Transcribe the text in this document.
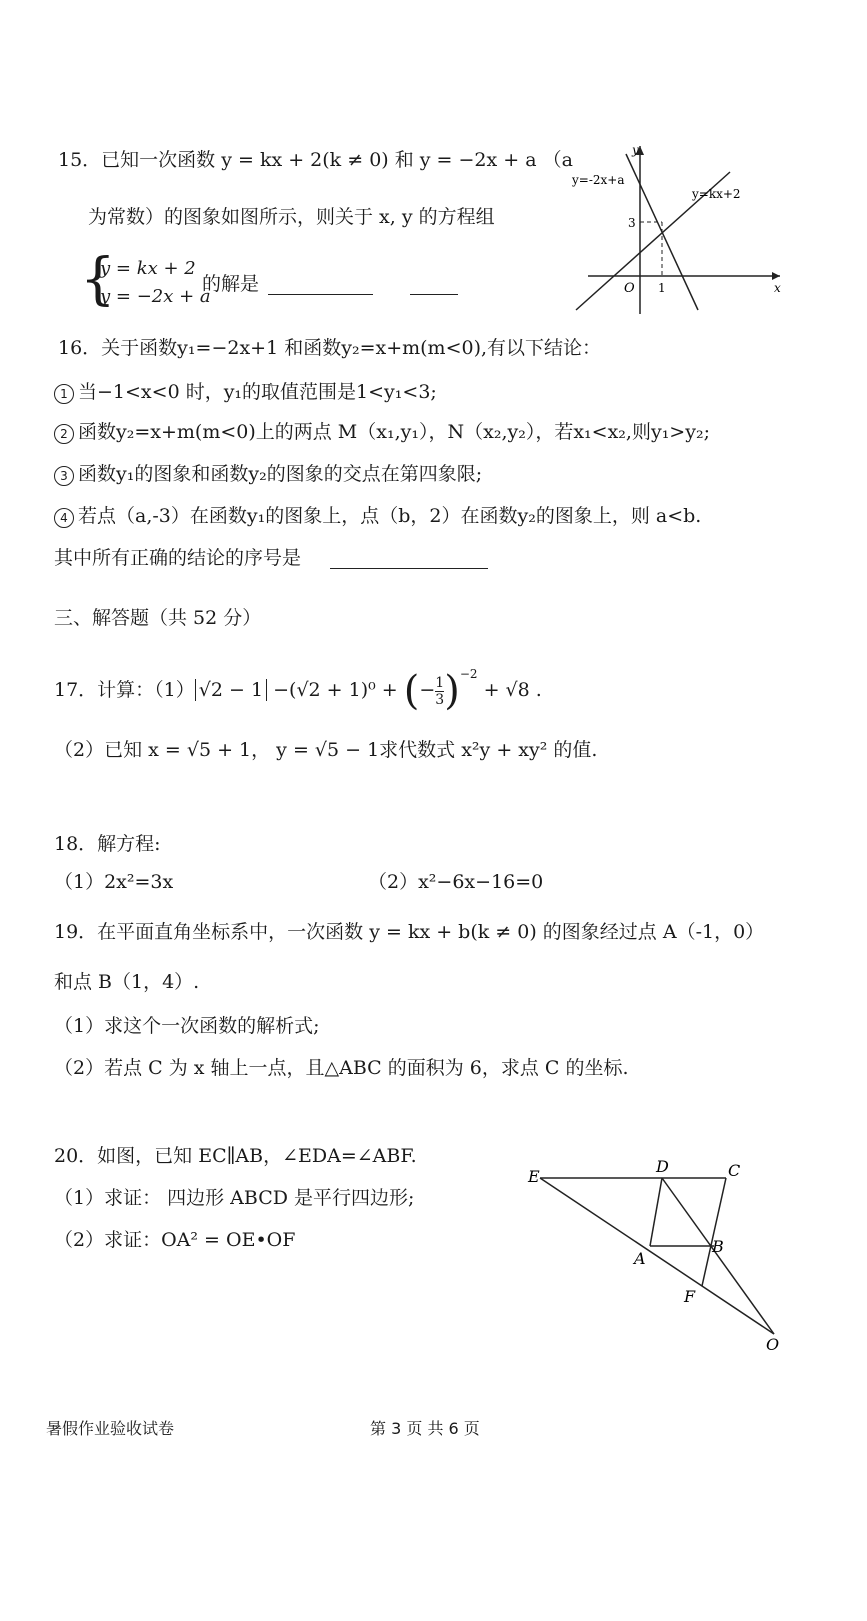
15．已知一次函数 y = kx + 2(k ≠ 0) 和 y = −2x + a （a
为常数）的图象如图所示，则关于 x, y 的方程组
{
y = kx + 2
y = −2x + a
的解是
y=-2x+a
y=kx+2
y
x
O
3
1
16．关于函数y₁=−2x+1 和函数y₂=x+m(m<0),有以下结论：
1 当−1<x<0 时，y₁的取值范围是1<y₁<3;
2 函数y₂=x+m(m<0)上的两点 M（x₁,y₁），N（x₂,y₂），若x₁<x₂,则y₁>y₂;
3 函数y₁的图象和函数y₂的图象的交点在第四象限;
4 若点（a,-3）在函数y₁的图象上，点（b，2）在函数y₂的图象上，则 a<b.
其中所有正确的结论的序号是
三、解答题（共 52 分）
17．计算：（1） √2 − 1 −(√2 + 1)⁰ + (− $\frac{1}{3} )^{-2} + √8$ .
（2）已知 x = √5 + 1， y = √5 − 1求代数式 x²y + xy² 的值.
18．解方程:
（1）2x²=3x	（2）x²−6x−16=0
19．在平面直角坐标系中，一次函数 y = kx + b(k ≠ 0) 的图象经过点 A（-1，0）
和点 B（1，4）.
（1）求这个一次函数的解析式;
（2）若点 C 为 x 轴上一点，且△ABC 的面积为 6，求点 C 的坐标.
20．如图，已知 EC∥AB，∠EDA=∠ABF.
（1）求证： 四边形 ABCD 是平行四边形;
（2）求证：OA² = OE•OF
E
D	C
A
B
F
O
暑假作业验收试卷	第 3 页 共 6 页
